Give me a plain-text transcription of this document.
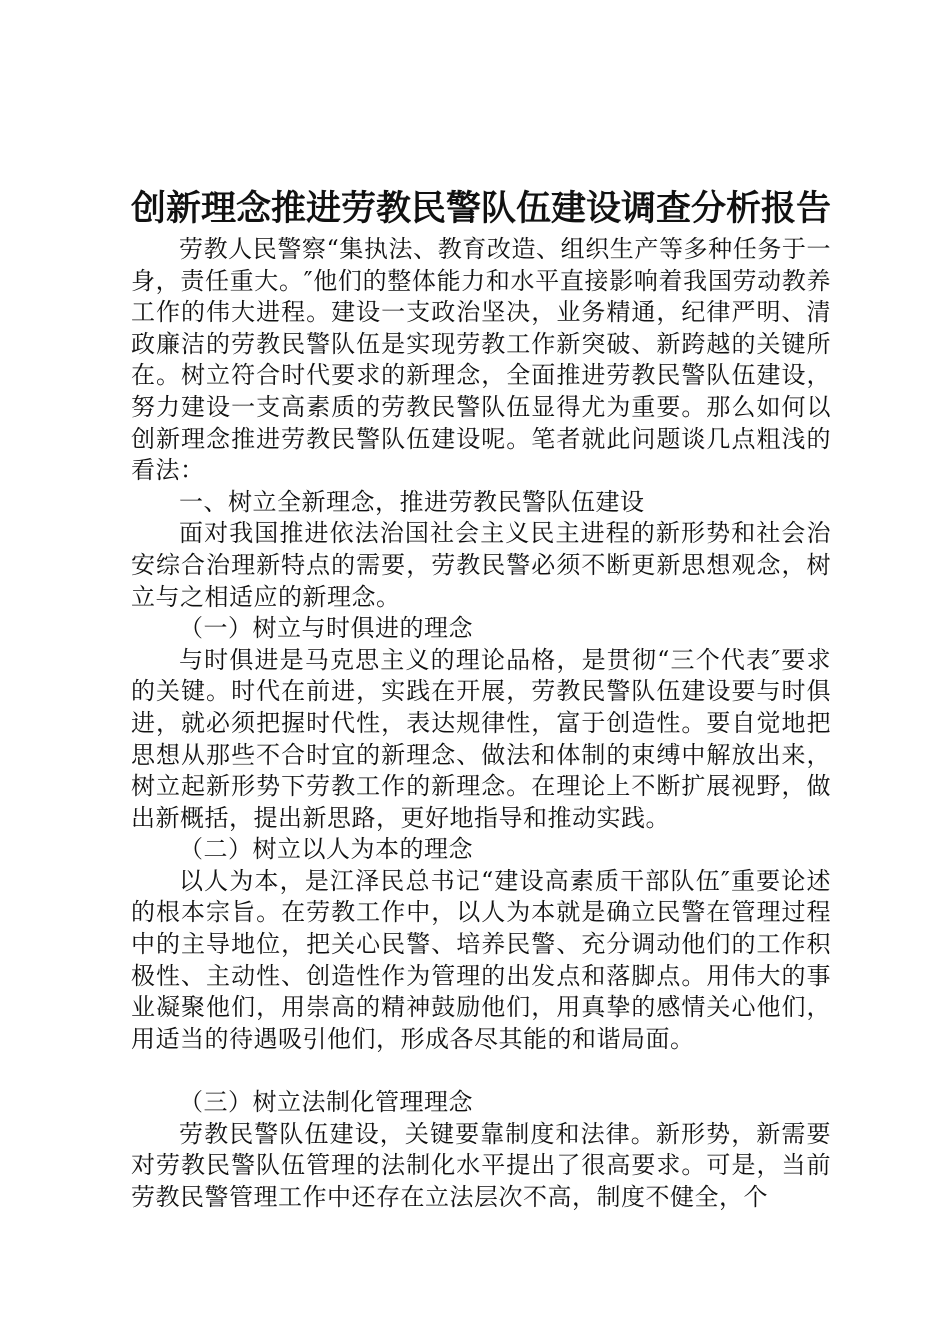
创新理念推进劳教民警队伍建设调查分析报告

劳教人民警察“集执法、教育改造、组织生产等多种任务于一身，责任重大。″他们的整体能力和水平直接影响着我国劳动教养工作的伟大进程。建设一支政治坚决，业务精通，纪律严明、清政廉洁的劳教民警队伍是实现劳教工作新突破、新跨越的关键所在。树立符合时代要求的新理念，全面推进劳教民警队伍建设，努力建设一支高素质的劳教民警队伍显得尤为重要。那么如何以创新理念推进劳教民警队伍建设呢。笔者就此问题谈几点粗浅的看法：

一、树立全新理念，推进劳教民警队伍建设

面对我国推进依法治国社会主义民主进程的新形势和社会治安综合治理新特点的需要，劳教民警必须不断更新思想观念，树立与之相适应的新理念。

（一）树立与时俱进的理念

与时俱进是马克思主义的理论品格，是贯彻“三个代表″要求的关键。时代在前进，实践在开展，劳教民警队伍建设要与时俱进，就必须把握时代性，表达规律性，富于创造性。要自觉地把思想从那些不合时宜的新理念、做法和体制的束缚中解放出来，树立起新形势下劳教工作的新理念。在理论上不断扩展视野，做出新概括，提出新思路，更好地指导和推动实践。

（二）树立以人为本的理念

以人为本，是江泽民总书记“建设高素质干部队伍″重要论述的根本宗旨。在劳教工作中，以人为本就是确立民警在管理过程中的主导地位，把关心民警、培养民警、充分调动他们的工作积极性、主动性、创造性作为管理的出发点和落脚点。用伟大的事业凝聚他们，用崇高的精神鼓励他们，用真挚的感情关心他们，用适当的待遇吸引他们，形成各尽其能的和谐局面。

（三）树立法制化管理理念

劳教民警队伍建设，关键要靠制度和法律。新形势，新需要对劳教民警队伍管理的法制化水平提出了很高要求。可是，当前劳教民警管理工作中还存在立法层次不高，制度不健全，个
